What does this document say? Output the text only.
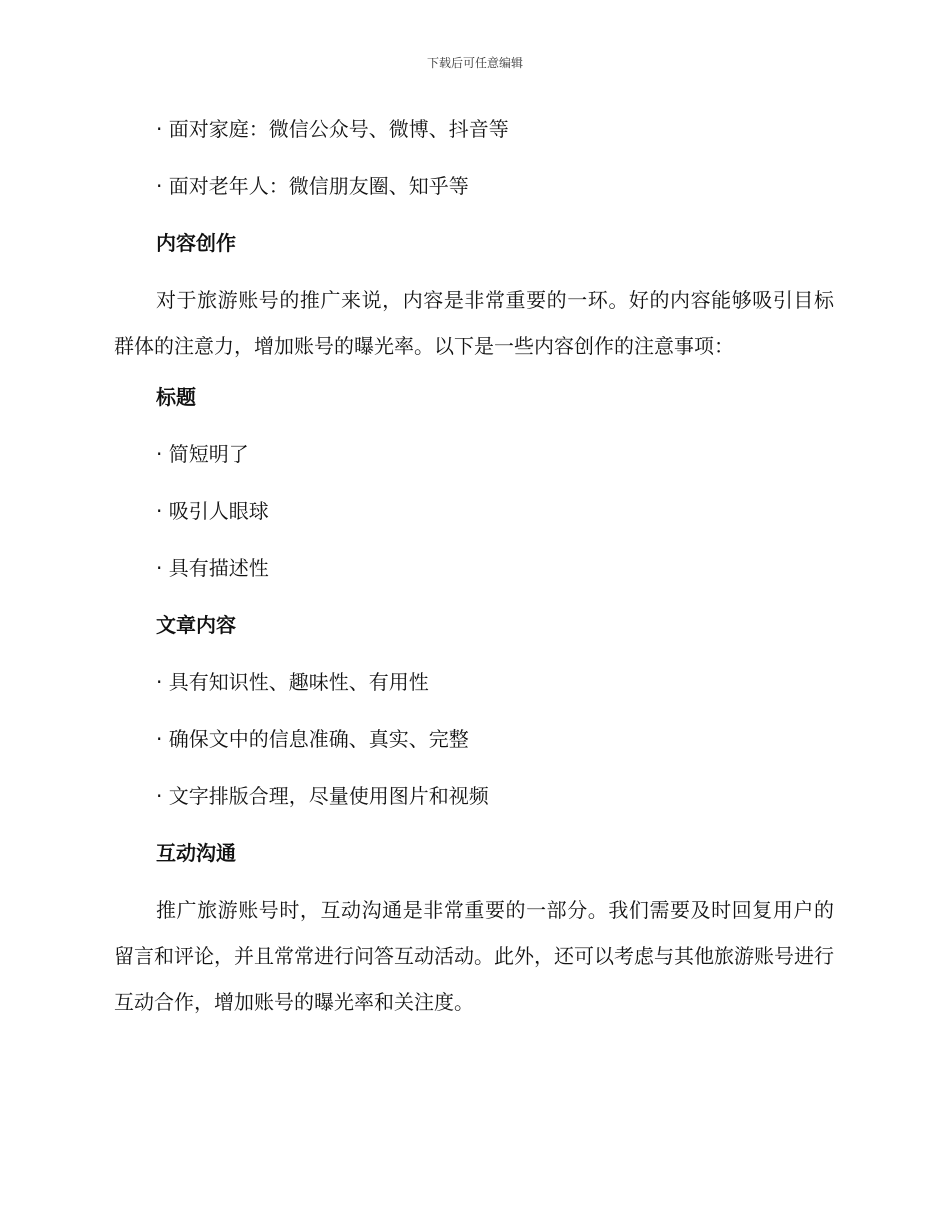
下载后可任意编辑

· 面对家庭：微信公众号、微博、抖音等

· 面对老年人：微信朋友圈、知乎等

内容创作

对于旅游账号的推广来说，内容是非常重要的一环。好的内容能够吸引目标群体的注意力，增加账号的曝光率。以下是一些内容创作的注意事项：

标题

· 简短明了

· 吸引人眼球

· 具有描述性

文章内容

· 具有知识性、趣味性、有用性

· 确保文中的信息准确、真实、完整

· 文字排版合理，尽量使用图片和视频

互动沟通

推广旅游账号时，互动沟通是非常重要的一部分。我们需要及时回复用户的留言和评论，并且常常进行问答互动活动。此外，还可以考虑与其他旅游账号进行互动合作，增加账号的曝光率和关注度。
